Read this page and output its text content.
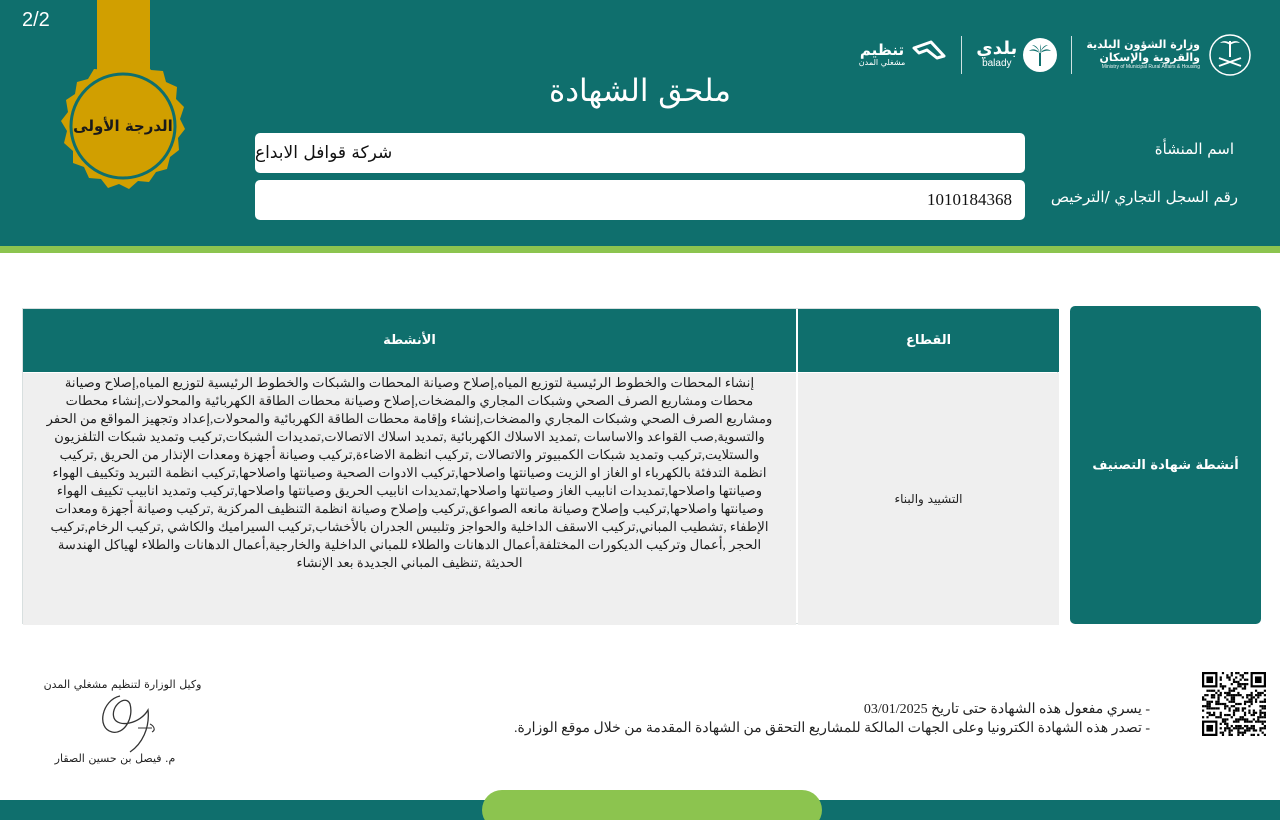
2/2
الدرجة الأولى
تنظيم
مشغلي المدن
بلدي
balady
وزارة الشؤون البلدية
والقروية والإسكان
Ministry of Municipal Rural Affairs & Housing
ملحق الشهادة
اسم المنشأة
شركة قوافل الابداع
رقم السجل التجاري /الترخيص
1010184368
أنشطة شهادة التصنيف
القطاع
الأنشطة
التشييد والبناء
إنشاء المحطات والخطوط الرئيسية لتوزيع المياه,إصلاح وصيانة المحطات والشبكات والخطوط الرئيسية لتوزيع المياه,إصلاح وصيانة محطات ومشاريع الصرف الصحي وشبكات المجاري والمضخات,إصلاح وصيانة محطات الطاقة الكهربائية والمحولات,إنشاء محطات ومشاريع الصرف الصحي وشبكات المجاري والمضخات,إنشاء وإقامة محطات الطاقة الكهربائية والمحولات,إعداد وتجهيز المواقع من الحفر والتسوية,صب القواعد والاساسات ,تمديد الاسلاك الكهربائية ,تمديد اسلاك الاتصالات,تمديدات الشبكات,تركيب وتمديد شبكات التلفزيون والستلايت,تركيب وتمديد شبكات الكمبيوتر والاتصالات ,تركيب انظمة الاضاءة,تركيب وصيانة أجهزة ومعدات الإنذار من الحريق ,تركيب انظمة التدفئة بالكهرباء او الغاز او الزيت وصيانتها واصلاحها,تركيب الادوات الصحية وصيانتها واصلاحها,تركيب انظمة التبريد وتكييف الهواء وصيانتها واصلاحها,تمديدات انابيب الغاز وصيانتها واصلاحها,تمديدات انابيب الحريق وصيانتها واصلاحها,تركيب وتمديد انابيب تكييف الهواء وصيانتها واصلاحها,تركيب وإصلاح وصيانة مانعه الصواعق,تركيب وإصلاح وصيانة انظمة التنظيف المركزية ,تركيب وصيانة أجهزة ومعدات الإطفاء ,تشطيب المباني,تركيب الاسقف الداخلية والحواجز وتلبيس الجدران بالأخشاب,تركيب السيراميك والكاشي ,تركيب الرخام,تركيب الحجر ,أعمال وتركيب الديكورات المختلفة,أعمال الدهانات والطلاء للمباني الداخلية والخارجية,أعمال الدهانات والطلاء لهياكل الهندسة الحديثة ,تنظيف المباني الجديدة بعد الإنشاء
- يسري مفعول هذه الشهادة حتى تاريخ 03/01/2025
- تصدر هذه الشهادة الكترونيا وعلى الجهات المالكة للمشاريع التحقق من الشهادة المقدمة من خلال موقع الوزارة.
وكيل الوزارة لتنظيم مشغلي المدن
م. فيصل بن حسين الصقار
